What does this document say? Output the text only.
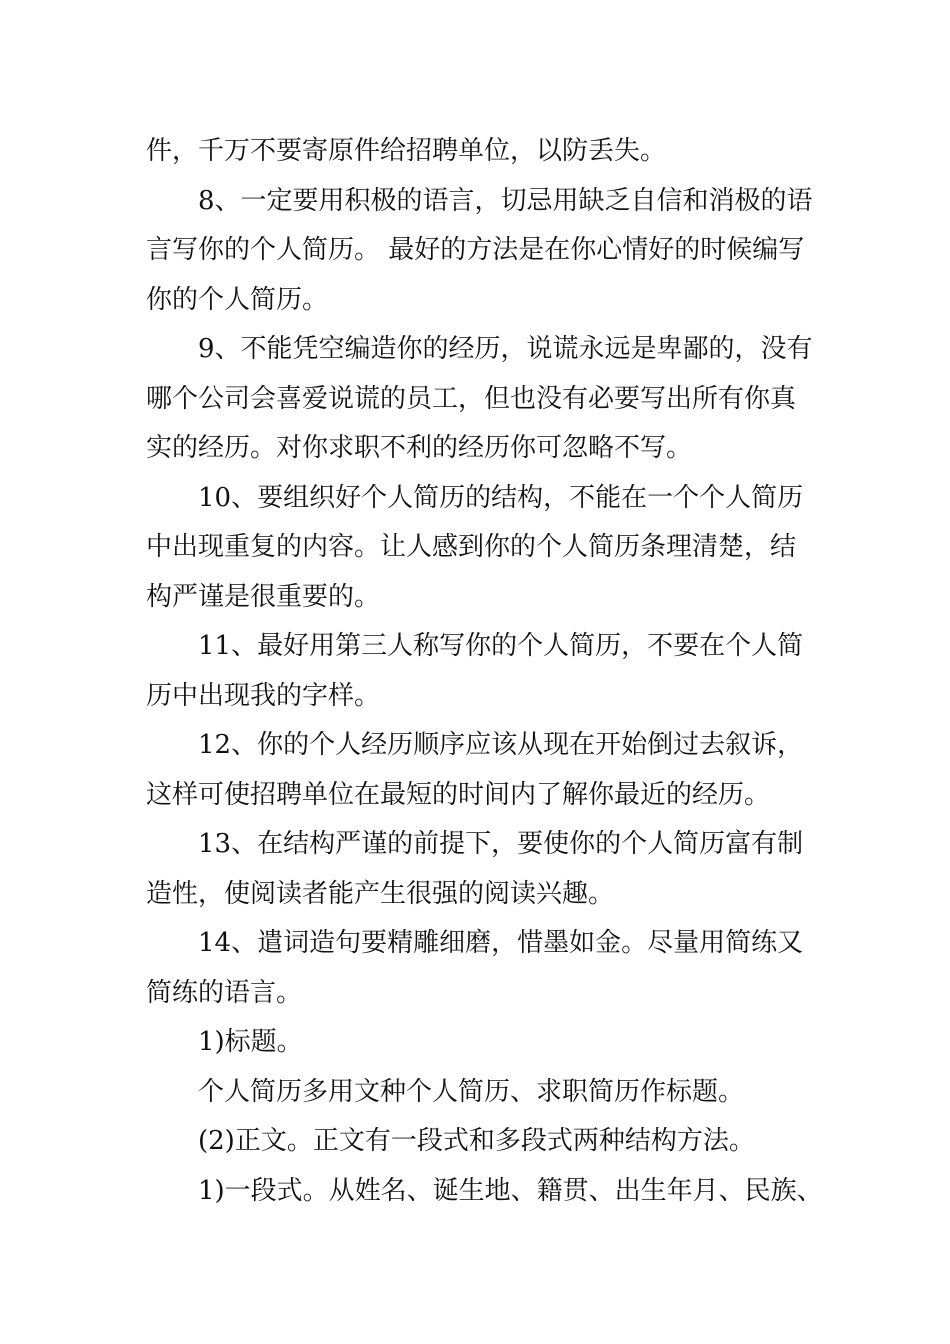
件，千万不要寄原件给招聘单位，以防丢失。
8、一定要用积极的语言，切忌用缺乏自信和消极的语
言写你的个人简历。 最好的方法是在你心情好的时候编写
你的个人简历。
9、不能凭空编造你的经历，说谎永远是卑鄙的，没有
哪个公司会喜爱说谎的员工，但也没有必要写出所有你真
实的经历。对你求职不利的经历你可忽略不写。
10、要组织好个人简历的结构，不能在一个个人简历
中出现重复的内容。让人感到你的个人简历条理清楚，结
构严谨是很重要的。
11、最好用第三人称写你的个人简历，不要在个人简
历中出现我的字样。
12、你的个人经历顺序应该从现在开始倒过去叙诉，
这样可使招聘单位在最短的时间内了解你最近的经历。
13、在结构严谨的前提下，要使你的个人简历富有制
造性，使阅读者能产生很强的阅读兴趣。
14、遣词造句要精雕细磨，惜墨如金。尽量用简练又
简练的语言。
1)标题。
个人简历多用文种个人简历、求职简历作标题。
(2)正文。正文有一段式和多段式两种结构方法。
1)一段式。从姓名、诞生地、籍贯、出生年月、民族、
